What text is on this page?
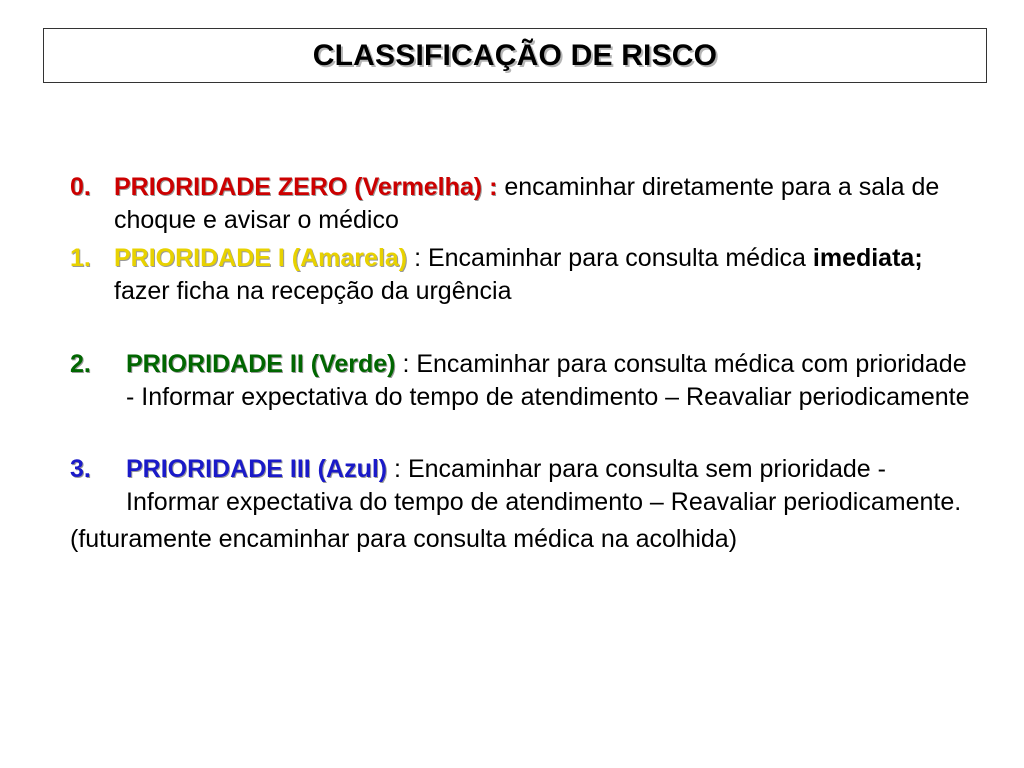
CLASSIFICAÇÃO DE RISCO
0. PRIORIDADE ZERO (Vermelha) : encaminhar diretamente para a sala de choque e avisar o médico
1. PRIORIDADE I (Amarela) : Encaminhar para consulta médica imediata; fazer ficha na recepção da urgência
2.	PRIORIDADE II (Verde) : Encaminhar para consulta médica com prioridade - Informar expectativa do tempo de atendimento – Reavaliar periodicamente
3.	PRIORIDADE III (Azul) : Encaminhar para consulta sem prioridade - Informar expectativa do tempo de atendimento – Reavaliar periodicamente.
(futuramente encaminhar para consulta médica na acolhida)
